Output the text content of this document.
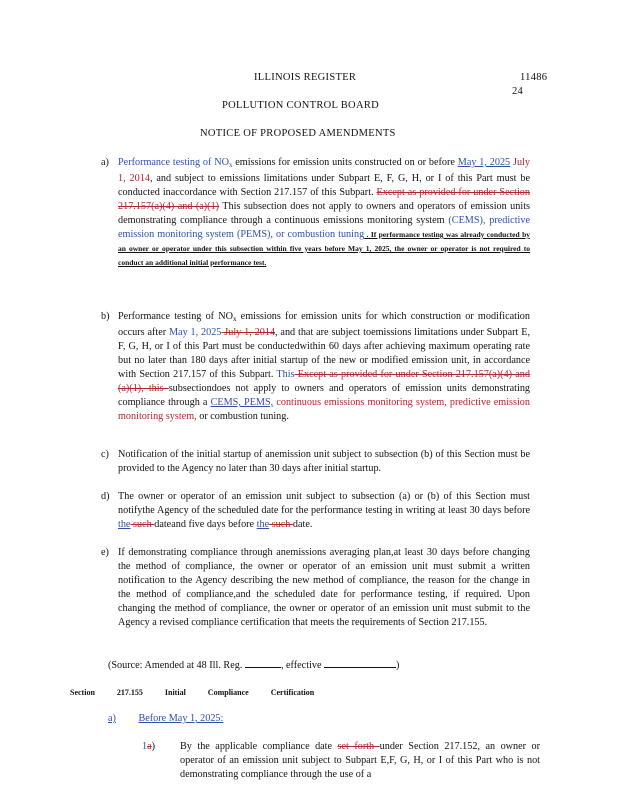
ILLINOIS REGISTER	11486
24
POLLUTION CONTROL BOARD
NOTICE OF PROPOSED AMENDMENTS
a) Performance testing of $NO_x$ emissions for emission units constructed on or before May 1, 2025 July 1, 2014, and subject to emissions limitations under Subpart E, F, G, H, or I of this Part must be conducted inaccordance with Section 217.157 of this Subpart. Except as provided for under Section 217.157(a)(4) and (a)(1) This subsection does not apply to owners and operators of emission units demonstrating compliance through a continuous emissions monitoring system (CEMS), predictive emission monitoring system (PEMS), or combustion tuning . If performance testing was already conducted by an owner or operator under this subsection within five years before May 1, 2025, the owner or operator is not required to conduct an additional initial performance test.
b) Performance testing of $NO_x$ emissions for emission units for which construction or modification occurs after May 1, 2025 July 1, 2014, and that are subject toemissions limitations under Subpart E, F, G, H, or I of this Part must be conductedwithin 60 days after achieving maximum operating rate but no later than 180 days after initial startup of the new or modified emission unit, in accordance with Section 217.157 of this Subpart. This Except as provided for under Section 217.157(a)(4) and (a)(1), this subsectiondoes not apply to owners and operators of emission units demonstrating compliance through a CEMS, PEMS, continuous emissions monitoring system, predictive emission monitoring system, or combustion tuning.
c) Notification of the initial startup of anemission unit subject to subsection (b) of this Section must be provided to the Agency no later than 30 days after initial startup.
d) The owner or operator of an emission unit subject to subsection (a) or (b) of this Section must notifythe Agency of the scheduled date for the performance testing in writing at least 30 days before the such dateand five days before the such date.
e) If demonstrating compliance through anemissions averaging plan,at least 30 days before changing the method of compliance, the owner or operator of an emission unit must submit a written notification to the Agency describing the new method of compliance, the reason for the change in the method of compliance,and the scheduled date for performance testing, if required. Upon changing the method of compliance, the owner or operator of an emission unit must submit to the Agency a revised compliance certification that meets the requirements of Section 217.155.
(Source: Amended at 48 Ill. Reg.	, effective	)
Section	217.155	Initial	Compliance	Certification
a) Before May 1, 2025:
1a) By the applicable compliance date set forth under Section 217.152, an owner or operator of an emission unit subject to Subpart E,F, G, H, or I of this Part who is not demonstrating compliance through the use of a
